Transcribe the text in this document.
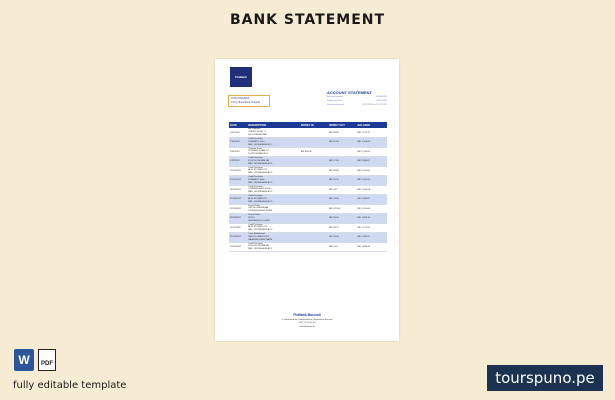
BANK STATEMENT
FinBank
ACCOUNT STATEMENT
Account number:	000468789
Statement date:	02/11/2022
Statement period:	07/12/2022 to 11/17/2022
JOHN STEVENS
P.O.Q. Bujumbura, Burundi
DATE	DESCRIPTION	MONEY IN	MONEY OUT	BALANCE
10/7/2022	Bill Payment
CHEWY FOSO LL
Ref 01234567 BBP		BIF 58.00	BIF 1,177.22
7/14/2022	Card Purchase
DOMINOS' Fallo
REF: 10120800000 BCC		BIF 12.00	BIF 1,165.00
12/6/2022	Transfer From
STUDENT LOAN CO
10121235 BBC BDC	BIF 950.00		BIF 2,114.00
12/9/2022	Card Purchase
FOSOS FOFURE BB
REF: 10128000000 BCC		BIF 17.90	BIF 2,094.07
11/20/2022	Card Purchase
ALDI STORES LTD
REF: 10128000000 BCC		BIF 59.68	BIF 2,114.05
27/11/2022	Card Purchase
DOMINOS' Fallo
REF: 10128000000 BCC		BIF 16.00	BIF 2,101.05
11/26/2022	Card Purchase
CORNER SHOP FOSO
REF: 10128000000 BCC		BIF 6.97	BIF 2,095.08
11/28/2022	Card Purchase
ALDI STORES LTD
REF: 10128000000 BCC		BIF 41.00	BIF 2,085.07
11/29/2022	Direct Debit
UNCLE UNIVERSAL
12000000000000 DDEB		BIF 427.00	BIF 1,700.00
11/30/2022	Direct Debit
FOSO
000000000 0.0 5 BDD		BIF 50.00	BIF 1,050.10
11/11/2022	Card Purchase
ALDI STORES LTD
REF: 10128000000 BCC		BIF 38.71	BIF 1,717.01
11/20/2022	Cash Withdrawal
SEKOO CASH 9 LTD
NAVALBOSTERS NATM		BIF 20.00	BIF 1,697.01
11/13/2022	Card Purchase
FOSOS FOFURE BB
REF: 10128000000 BCC		BIF 6.78	BIF 1,690.23
FinBank Burundi
4, Boulevard de l'Independance, Bujumbura Burundi
+257 22 20 11 00
info@finbank.bi
W	PDF
fully editable template	tourspuno.pe
